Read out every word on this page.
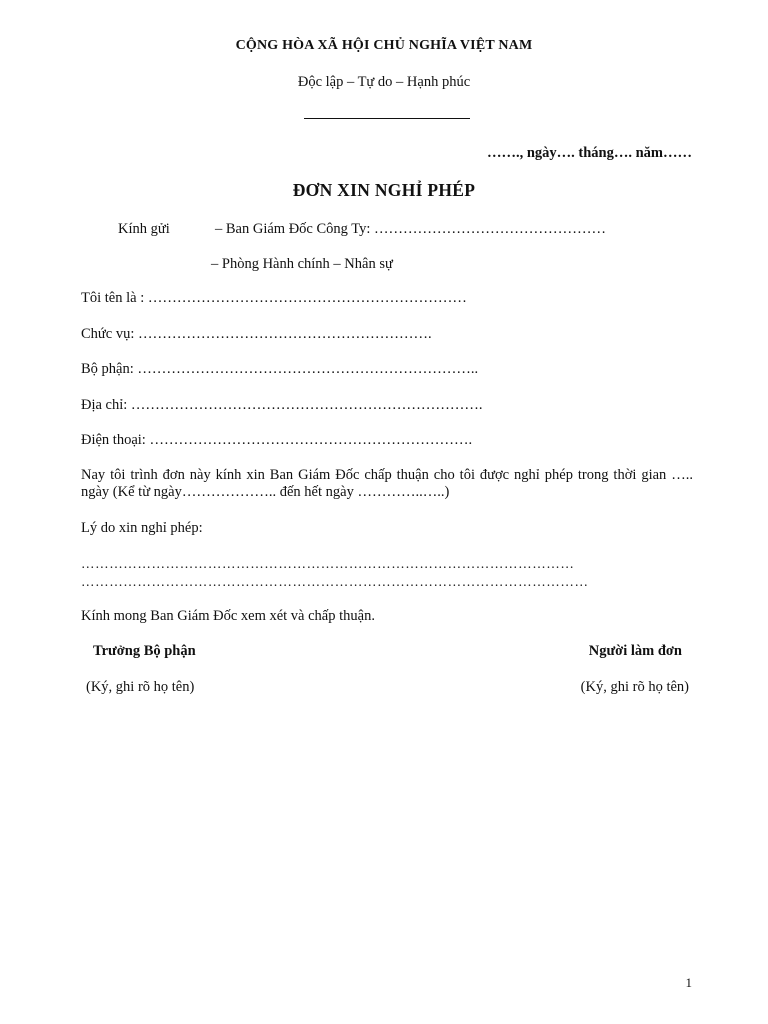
CỘNG HÒA XÃ HỘI CHỦ NGHĨA VIỆT NAM
Độc lập – Tự do – Hạnh phúc
……., ngày…. tháng…. năm……
ĐƠN XIN NGHỈ PHÉP
Kính gửi	– Ban Giám Đốc Công Ty: …………………………………………
– Phòng Hành chính – Nhân sự
Tôi tên là : …………………………………………………………
Chức vụ: …………………………………………………….
Bộ phận: ……………………………………………………………..
Địa chỉ: ……………………………………………………………….
Điện thoại: ………………………………………………………….
Nay tôi trình đơn này kính xin Ban Giám Đốc chấp thuận cho tôi được nghỉ phép trong thời gian ….. ngày (Kể từ ngày……………….. đến hết ngày …………..…..)
Lý do xin nghỉ phép:
……………………………………………………………………………………………
………………………………………………………………………………………………
Kính mong Ban Giám Đốc xem xét và chấp thuận.
Trưởng Bộ phận
(Ký, ghi rõ họ tên)
Người làm đơn
(Ký, ghi rõ họ tên)
1
